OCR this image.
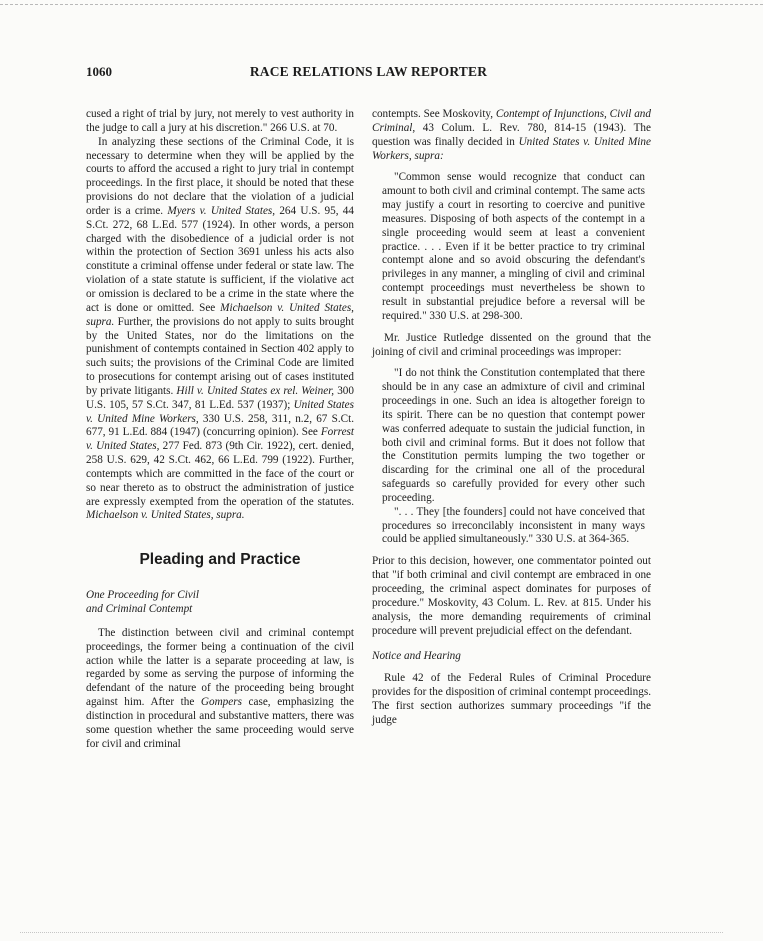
1060	RACE RELATIONS LAW REPORTER

cused a right of trial by jury, not merely to vest authority in the judge to call a jury at his discretion." 266 U.S. at 70.

In analyzing these sections of the Criminal Code, it is necessary to determine when they will be applied by the courts to afford the accused a right to jury trial in contempt proceedings. In the first place, it should be noted that these provisions do not declare that the violation of a judicial order is a crime. Myers v. United States, 264 U.S. 95, 44 S.Ct. 272, 68 L.Ed. 577 (1924). In other words, a person charged with the disobedience of a judicial order is not within the protection of Section 3691 unless his acts also constitute a criminal offense under federal or state law. The violation of a state statute is sufficient, if the violative act or omission is declared to be a crime in the state where the act is done or omitted. See Michaelson v. United States, supra. Further, the provisions do not apply to suits brought by the United States, nor do the limitations on the punishment of contempts contained in Section 402 apply to such suits; the provisions of the Criminal Code are limited to prosecutions for contempt arising out of cases instituted by private litigants. Hill v. United States ex rel. Weiner, 300 U.S. 105, 57 S.Ct. 347, 81 L.Ed. 537 (1937); United States v. United Mine Workers, 330 U.S. 258, 311, n.2, 67 S.Ct. 677, 91 L.Ed. 884 (1947) (concurring opinion). See Forrest v. United States, 277 Fed. 873 (9th Cir. 1922), cert. denied, 258 U.S. 629, 42 S.Ct. 462, 66 L.Ed. 799 (1922). Further, contempts which are committed in the face of the court or so near thereto as to obstruct the administration of justice are expressly exempted from the operation of the statutes. Michaelson v. United States, supra.

Pleading and Practice
One Proceeding for Civil
and Criminal Contempt

The distinction between civil and criminal contempt proceedings, the former being a continuation of the civil action while the latter is a separate proceeding at law, is regarded by some as serving the purpose of informing the defendant of the nature of the proceeding being brought against him. After the Gompers case, emphasizing the distinction in procedural and substantive matters, there was some question whether the same proceeding would serve for civil and criminal

contempts. See Moskovity, Contempt of Injunctions, Civil and Criminal, 43 Colum. L. Rev. 780, 814-15 (1943). The question was finally decided in United States v. United Mine Workers, supra:

"Common sense would recognize that conduct can amount to both civil and criminal contempt. The same acts may justify a court in resorting to coercive and punitive measures. Disposing of both aspects of the contempt in a single proceeding would seem at least a convenient practice. . . . Even if it be better practice to try criminal contempt alone and so avoid obscuring the defendant's privileges in any manner, a mingling of civil and criminal contempt proceedings must nevertheless be shown to result in substantial prejudice before a reversal will be required." 330 U.S. at 298-300.

Mr. Justice Rutledge dissented on the ground that the joining of civil and criminal proceedings was improper:

"I do not think the Constitution contemplated that there should be in any case an admixture of civil and criminal proceedings in one. Such an idea is altogether foreign to its spirit. There can be no question that contempt power was conferred adequate to sustain the judicial function, in both civil and criminal forms. But it does not follow that the Constitution permits lumping the two together or discarding for the criminal one all of the procedural safeguards so carefully provided for every other such proceeding.

". . . They [the founders] could not have conceived that procedures so irreconcilably inconsistent in many ways could be applied simultaneously." 330 U.S. at 364-365.

Prior to this decision, however, one commentator pointed out that "if both criminal and civil contempt are embraced in one proceeding, the criminal aspect dominates for purposes of procedure." Moskovity, 43 Colum. L. Rev. at 815. Under his analysis, the more demanding requirements of criminal procedure will prevent prejudicial effect on the defendant.

Notice and Hearing

Rule 42 of the Federal Rules of Criminal Procedure provides for the disposition of criminal contempt proceedings. The first section authorizes summary proceedings "if the judge
